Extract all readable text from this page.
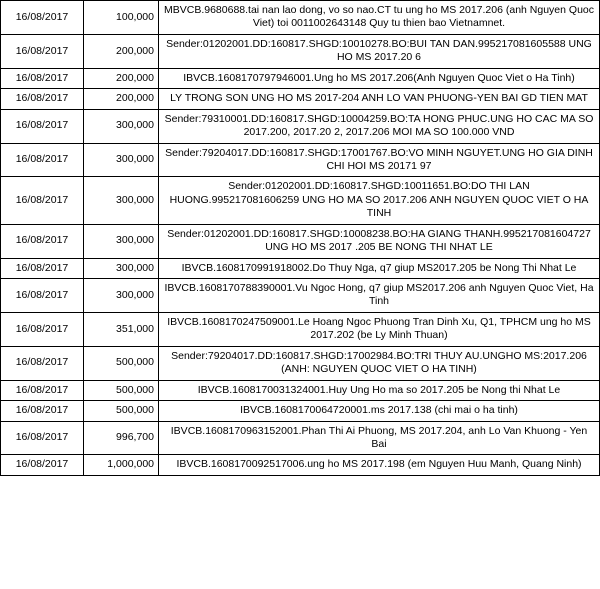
16/08/2017	100,000	MBVCB.9680688.tai nan lao dong, vo so nao.CT tu ung ho MS 2017.206 (anh Nguyen Quoc Viet) toi 0011002643148 Quy tu thien bao Vietnamnet.
16/08/2017	200,000	Sender:01202001.DD:160817.SHGD:10010278.BO:BUI TAN DAN.995217081605588 UNG HO MS 2017.20 6
16/08/2017	200,000	IBVCB.1608170797946001.Ung ho MS 2017.206(Anh Nguyen Quoc Viet o Ha Tinh)
16/08/2017	200,000	LY TRONG SON UNG HO MS 2017-204 ANH LO VAN PHUONG-YEN BAI GD TIEN MAT
16/08/2017	300,000	Sender:79310001.DD:160817.SHGD:10004259.BO:TA HONG PHUC.UNG HO CAC MA SO 2017.200, 2017.20 2, 2017.206 MOI MA SO 100.000 VND
16/08/2017	300,000	Sender:79204017.DD:160817.SHGD:17001767.BO:VO MINH NGUYET.UNG HO GIA DINH CHI HOI MS 20171 97
16/08/2017	300,000	Sender:01202001.DD:160817.SHGD:10011651.BO:DO THI LAN HUONG.995217081606259 UNG HO MA SO 2017.206 ANH NGUYEN QUOC VIET O HA TINH
16/08/2017	300,000	Sender:01202001.DD:160817.SHGD:10008238.BO:HA GIANG THANH.995217081604727 UNG HO MS 2017 .205 BE NONG THI NHAT LE
16/08/2017	300,000	IBVCB.1608170991918002.Do Thuy Nga, q7 giup MS2017.205 be Nong Thi Nhat Le
16/08/2017	300,000	IBVCB.1608170788390001.Vu Ngoc Hong, q7 giup MS2017.206 anh Nguyen Quoc Viet, Ha Tinh
16/08/2017	351,000	IBVCB.1608170247509001.Le Hoang Ngoc Phuong Tran Dinh Xu, Q1, TPHCM ung ho MS 2017.202 (be Ly Minh Thuan)
16/08/2017	500,000	Sender:79204017.DD:160817.SHGD:17002984.BO:TRI THUY AU.UNGHO MS:2017.206 (ANH: NGUYEN QUOC VIET O HA TINH)
16/08/2017	500,000	IBVCB.1608170031324001.Huy Ung Ho ma so 2017.205 be Nong thi Nhat Le
16/08/2017	500,000	IBVCB.1608170064720001.ms 2017.138 (chi mai o ha tinh)
16/08/2017	996,700	IBVCB.1608170963152001.Phan Thi Ai Phuong, MS 2017.204, anh Lo Van Khuong - Yen Bai
16/08/2017	1,000,000	IBVCB.1608170092517006.ung ho MS 2017.198 (em Nguyen Huu Manh, Quang Ninh)
